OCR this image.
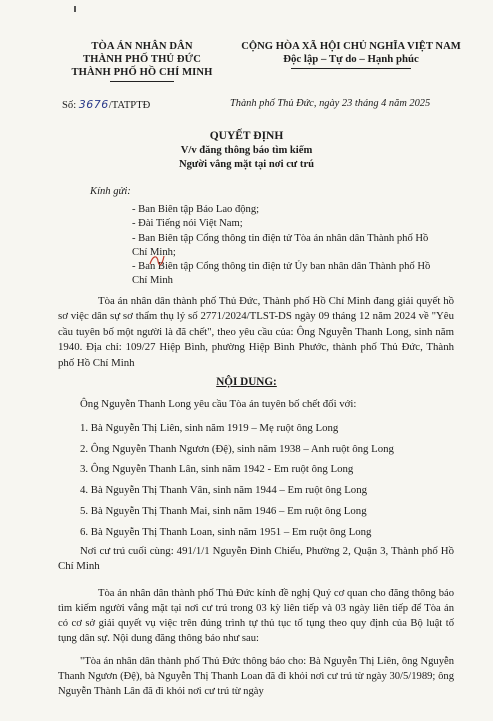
TÒA ÁN NHÂN DÂN
THÀNH PHỐ THỦ ĐỨC
THÀNH PHỐ HỒ CHÍ MINH
CỘNG HÒA XÃ HỘI CHỦ NGHĨA VIỆT NAM
Độc lập – Tự do – Hạnh phúc
Số: 3676/TATPTĐ	Thành phố Thủ Đức, ngày 23 tháng 4 năm 2025
QUYẾT ĐỊNH
V/v đăng thông báo tìm kiếm
Người vắng mặt tại nơi cư trú
Kính gửi:
- Ban Biên tập Báo Lao động;
- Đài Tiếng nói Việt Nam;
- Ban Biên tập Cổng thông tin điện tử Tòa án nhân dân Thành phố Hồ Chí Minh;
- Ban Biên tập Cổng thông tin điện tử Ủy ban nhân dân Thành phố Hồ Chí Minh
Tòa án nhân dân thành phố Thủ Đức, Thành phố Hồ Chí Minh đang giải quyết hồ sơ việc dân sự sơ thẩm thụ lý số 2771/2024/TLST-DS ngày 09 tháng 12 năm 2024 về "Yêu cầu tuyên bố một người là đã chết", theo yêu cầu của: Ông Nguyễn Thanh Long, sinh năm 1940. Địa chỉ: 109/27 Hiệp Bình, phường Hiệp Bình Phước, thành phố Thủ Đức, Thành phố Hồ Chí Minh
NỘI DUNG:
Ông Nguyễn Thanh Long yêu cầu Tòa án tuyên bố chết đối với:
1. Bà Nguyễn Thị Liên, sinh năm 1919 – Mẹ ruột ông Long
2. Ông Nguyễn Thanh Ngươn (Đệ), sinh năm 1938 – Anh ruột ông Long
3. Ông Nguyễn Thanh Lân, sinh năm 1942 - Em ruột ông Long
4. Bà Nguyễn Thị Thanh Vân, sinh năm 1944 – Em ruột ông Long
5. Bà Nguyễn Thị Thanh Mai, sinh năm 1946 – Em ruột ông Long
6. Bà Nguyễn Thị Thanh Loan, sinh năm 1951 – Em ruột ông Long
Nơi cư trú cuối cùng: 491/1/1 Nguyễn Đình Chiểu, Phường 2, Quận 3, Thành phố Hồ Chí Minh
Tòa án nhân dân thành phố Thủ Đức kính đề nghị Quý cơ quan cho đăng thông báo tìm kiếm người vắng mặt tại nơi cư trú trong 03 kỳ liên tiếp và 03 ngày liên tiếp để Tòa án có cơ sở giải quyết vụ việc trên đúng trình tự thủ tục tố tụng theo quy định của Bộ luật tố tụng dân sự. Nội dung đăng thông báo như sau:
"Tòa án nhân dân thành phố Thủ Đức thông báo cho: Bà Nguyễn Thị Liên, ông Nguyễn Thanh Ngươn (Đệ), bà Nguyễn Thị Thanh Loan đã đi khỏi nơi cư trú từ ngày 30/5/1989; ông Nguyễn Thành Lân đã đi khỏi nơi cư trú từ ngày
